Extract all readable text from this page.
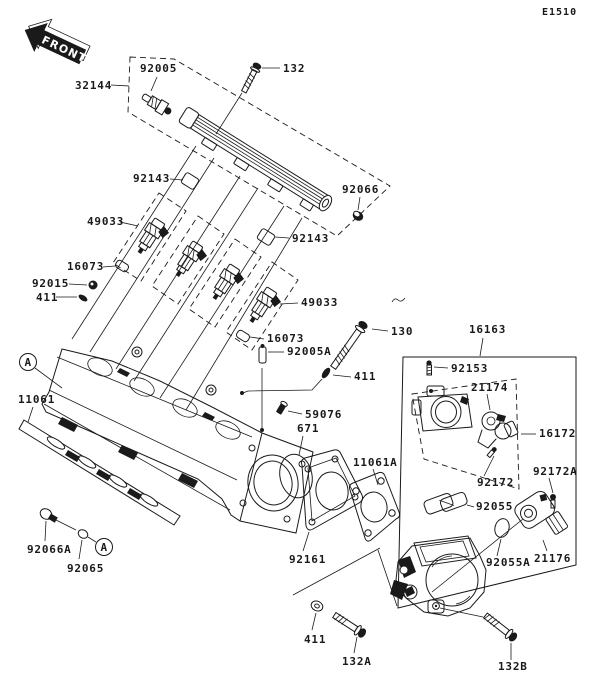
FRONT
E1510
A
A
92005	132
32144
92143
92066
49033
92143
16073
92015
411	49033
16073
130
92005A
411
16163
92153
21174
16172
11061
59076
671
11061A
92172
92172A
92055
92066A
92065
92161	92055A 21176
411
132A	132B
